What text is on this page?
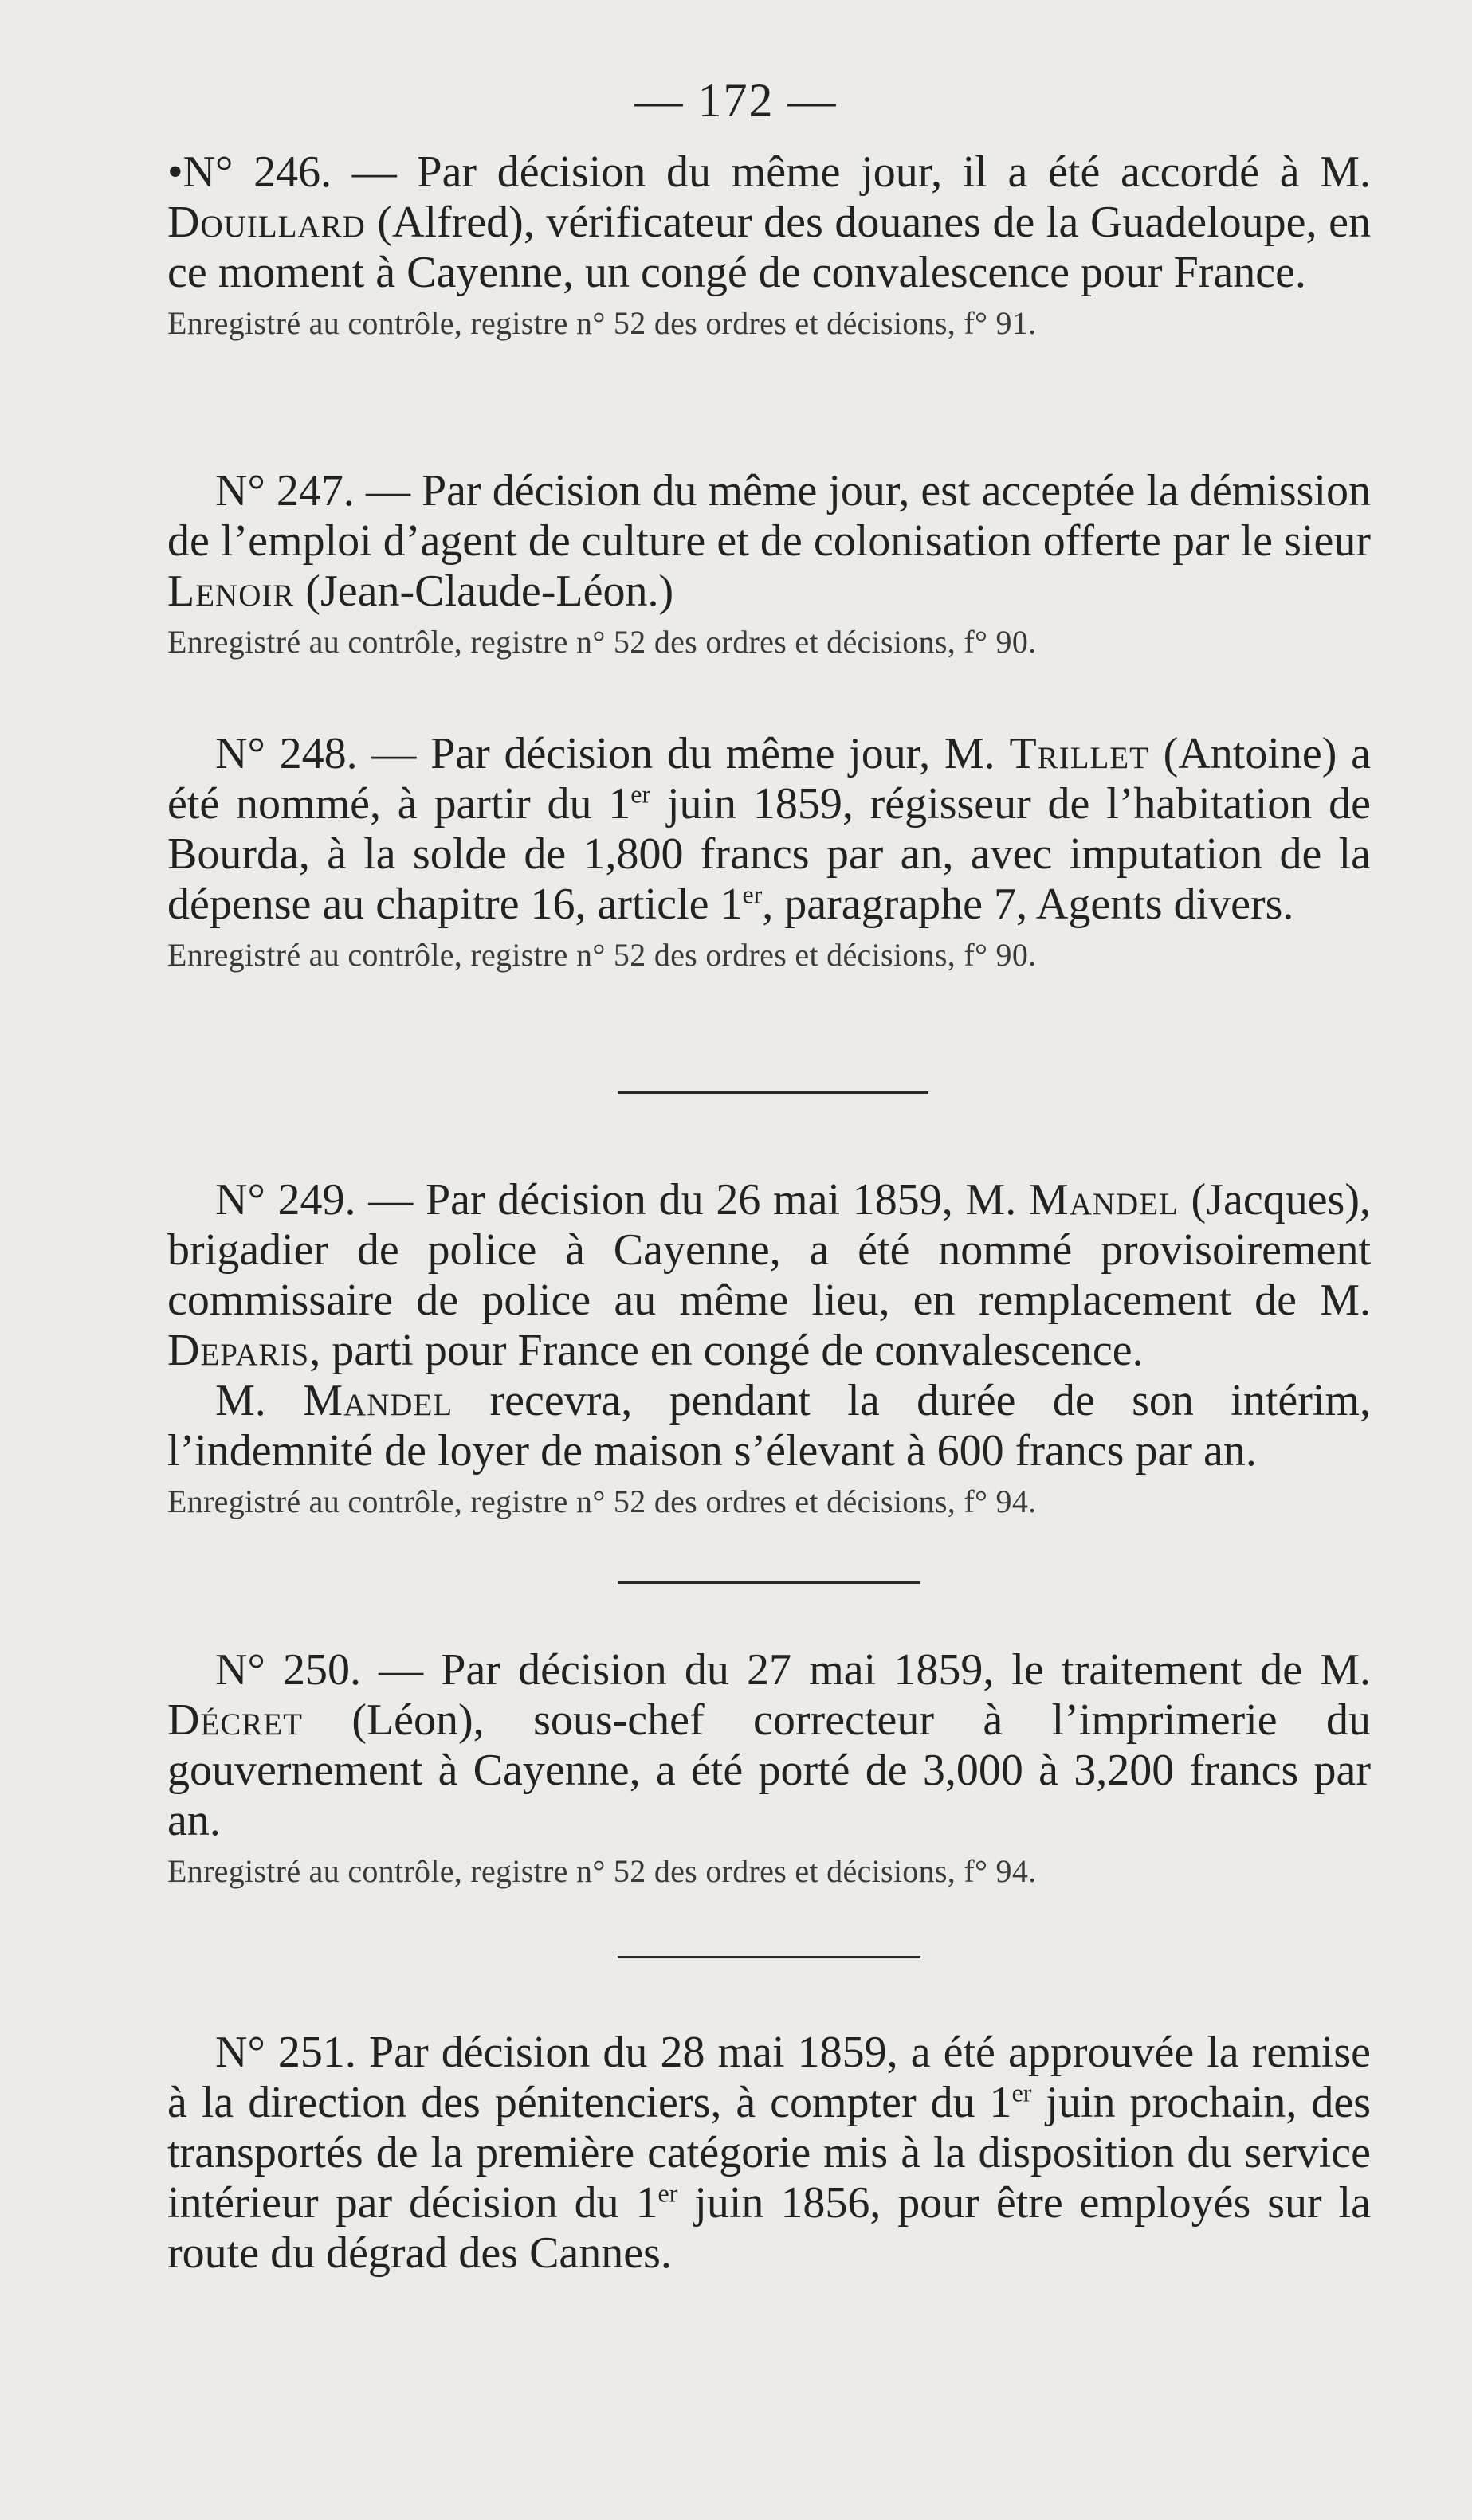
— 172 —

•N° 246. — Par décision du même jour, il a été accordé à M. Douillard (Alfred), vérificateur des douanes de la Guadeloupe, en ce moment à Cayenne, un congé de convalescence pour France.

Enregistré au contrôle, registre n° 52 des ordres et décisions, f° 91.

N° 247. — Par décision du même jour, est acceptée la démission de l’emploi d’agent de culture et de colonisation offerte par le sieur Lenoir (Jean-Claude-Léon.)

Enregistré au contrôle, registre n° 52 des ordres et décisions, f° 90.

N° 248. — Par décision du même jour, M. Trillet (Antoine) a été nommé, à partir du 1er juin 1859, régisseur de l’habitation de Bourda, à la solde de 1,800 francs par an, avec imputation de la dépense au chapitre 16, article 1er, paragraphe 7, Agents divers.

Enregistré au contrôle, registre n° 52 des ordres et décisions, f° 90.

N° 249. — Par décision du 26 mai 1859, M. Mandel (Jacques), brigadier de police à Cayenne, a été nommé provisoirement commissaire de police au même lieu, en remplacement de M. Deparis, parti pour France en congé de convalescence.

M. Mandel recevra, pendant la durée de son intérim, l’indemnité de loyer de maison s’élevant à 600 francs par an.

Enregistré au contrôle, registre n° 52 des ordres et décisions, f° 94.

N° 250. — Par décision du 27 mai 1859, le traitement de M. Décret (Léon), sous-chef correcteur à l’imprimerie du gouvernement à Cayenne, a été porté de 3,000 à 3,200 francs par an.

Enregistré au contrôle, registre n° 52 des ordres et décisions, f° 94.

N° 251. Par décision du 28 mai 1859, a été approuvée la remise à la direction des pénitenciers, à compter du 1er juin prochain, des transportés de la première catégorie mis à la disposition du service intérieur par décision du 1er juin 1856, pour être employés sur la route du dégrad des Cannes.
